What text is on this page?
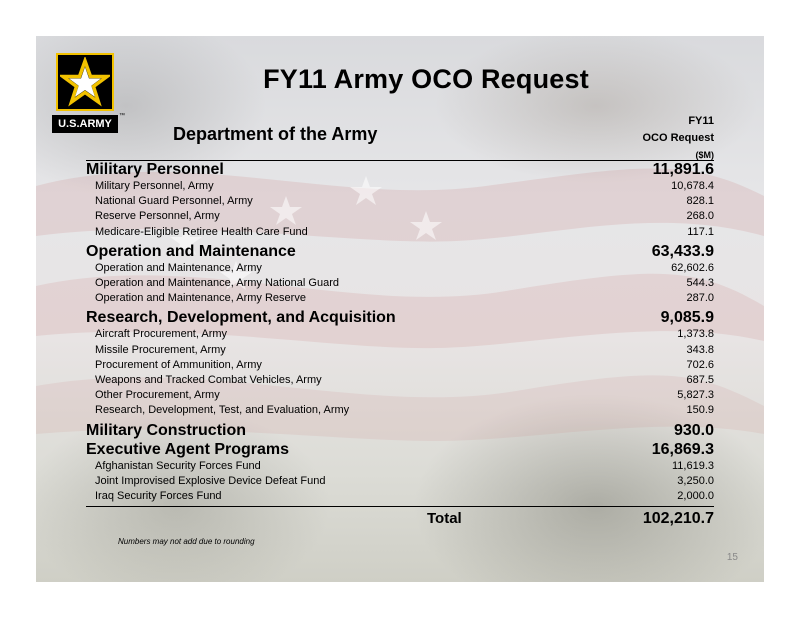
U.S.ARMY
™
FY11 Army OCO Request
Department of the Army
FY11
OCO Request
($M)
Military Personnel	11,891.6
Military Personnel, Army	10,678.4
National Guard Personnel, Army	828.1
Reserve Personnel, Army	268.0
Medicare-Eligible Retiree Health Care Fund	117.1
Operation and Maintenance	63,433.9
Operation and Maintenance, Army	62,602.6
Operation and Maintenance, Army National Guard	544.3
Operation and Maintenance, Army Reserve	287.0
Research, Development, and Acquisition	9,085.9
Aircraft Procurement, Army	1,373.8
Missile Procurement, Army	343.8
Procurement of Ammunition, Army	702.6
Weapons and Tracked Combat Vehicles, Army	687.5
Other Procurement, Army	5,827.3
Research, Development, Test, and Evaluation, Army	150.9
Military Construction	930.0
Executive Agent Programs	16,869.3
Afghanistan Security Forces Fund	11,619.3
Joint Improvised Explosive Device Defeat Fund	3,250.0
Iraq Security Forces Fund	2,000.0
Total	102,210.7
Numbers may not add due to rounding
15
